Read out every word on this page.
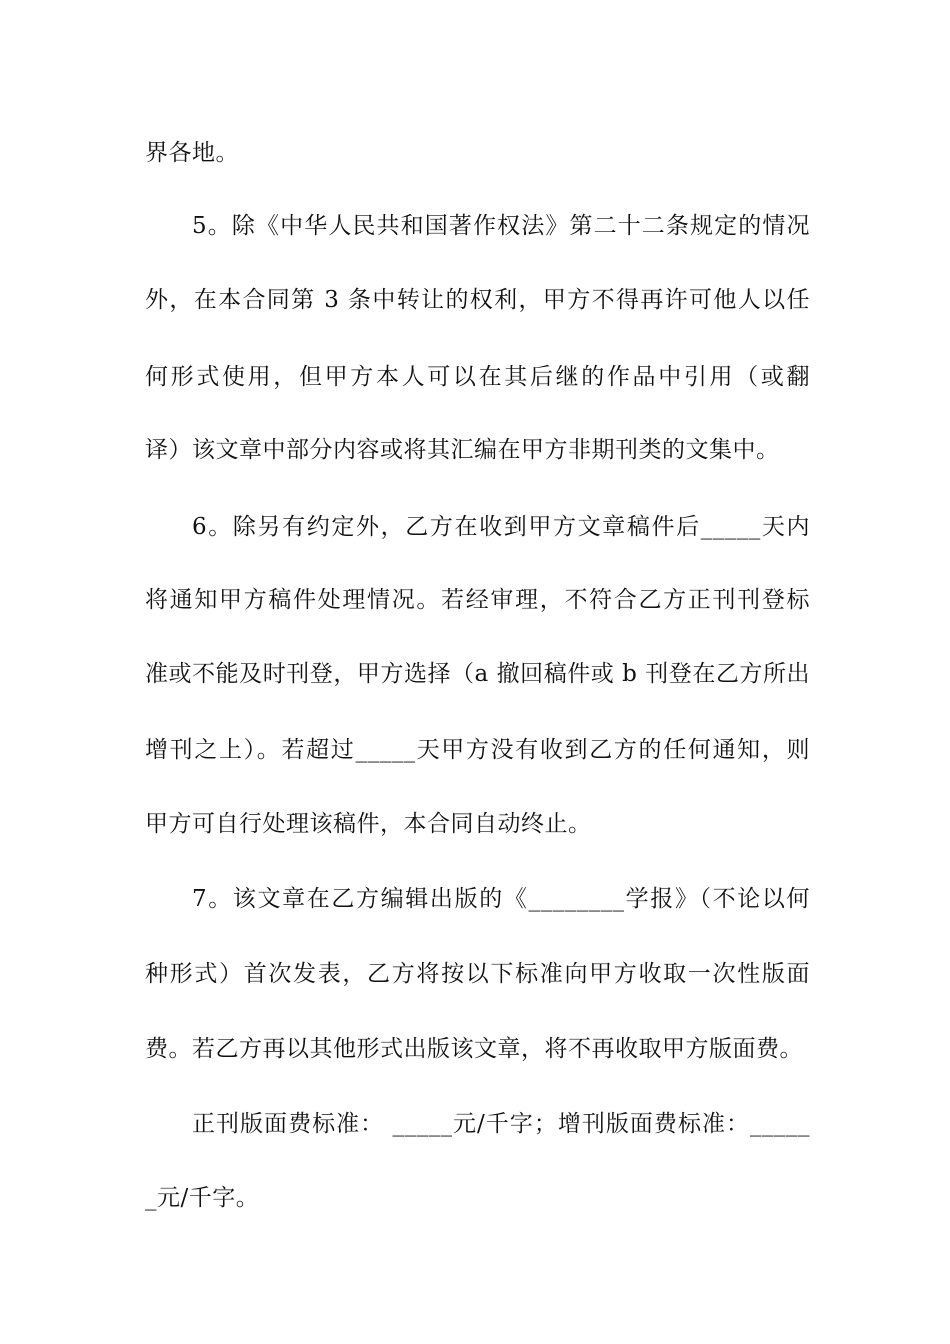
界各地。
5。除《中华人民共和国著作权法》第二十二条规定的情况
外，在本合同第 3 条中转让的权利，甲方不得再许可他人以任
何形式使用，但甲方本人可以在其后继的作品中引用（或翻
译）该文章中部分内容或将其汇编在甲方非期刊类的文集中。
6。除另有约定外，乙方在收到甲方文章稿件后_____天内
将通知甲方稿件处理情况。若经审理，不符合乙方正刊刊登标
准或不能及时刊登，甲方选择（a 撤回稿件或 b 刊登在乙方所出
增刊之上）。若超过_____天甲方没有收到乙方的任何通知，则
甲方可自行处理该稿件，本合同自动终止。
7。该文章在乙方编辑出版的《________学报》（不论以何
种形式）首次发表，乙方将按以下标准向甲方收取一次性版面
费。若乙方再以其他形式出版该文章，将不再收取甲方版面费。
正刊版面费标准： _____元/千字；增刊版面费标准：_____
_元/千字。
